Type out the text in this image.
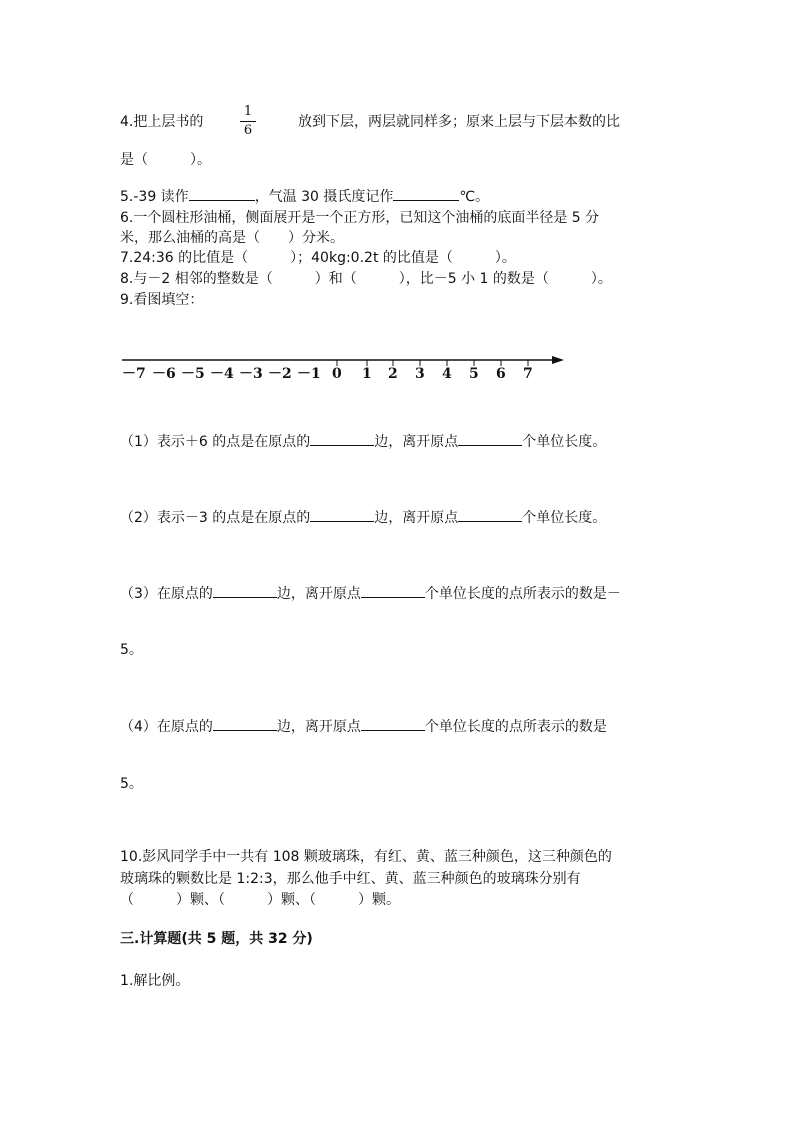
4.把上层书的
1
6
放到下层，两层就同样多；原来上层与下层本数的比
是（　　　）。
5.-39 读作	，气温 30 摄氏度记作	℃。
6.一个圆柱形油桶，侧面展开是一个正方形，已知这个油桶的底面半径是 5 分
米，那么油桶的高是（　　）分米。
7.24:36 的比值是（　　　）；40kg:0.2t 的比值是（　　　）。
8.与－2 相邻的整数是（　　　）和（　　　），比－5 小 1 的数是（　　　）。
9.看图填空：
－7 －6 －5 －4 －3 －2 －1 0 1 2 3 4 5 6 7
（1）表示＋6 的点是在原点的	边，离开原点	个单位长度。
（2）表示－3 的点是在原点的	边，离开原点	个单位长度。
（3）在原点的	边，离开原点	个单位长度的点所表示的数是－
5。
（4）在原点的	边，离开原点	个单位长度的点所表示的数是
5。
10.彭风同学手中一共有 108 颗玻璃珠，有红、黄、蓝三种颜色，这三种颜色的
玻璃珠的颗数比是 1:2:3，那么他手中红、黄、蓝三种颜色的玻璃珠分别有
（　　　）颗、（　　　）颗、（　　　）颗。
三.计算题(共 5 题，共 32 分)
1.解比例。
